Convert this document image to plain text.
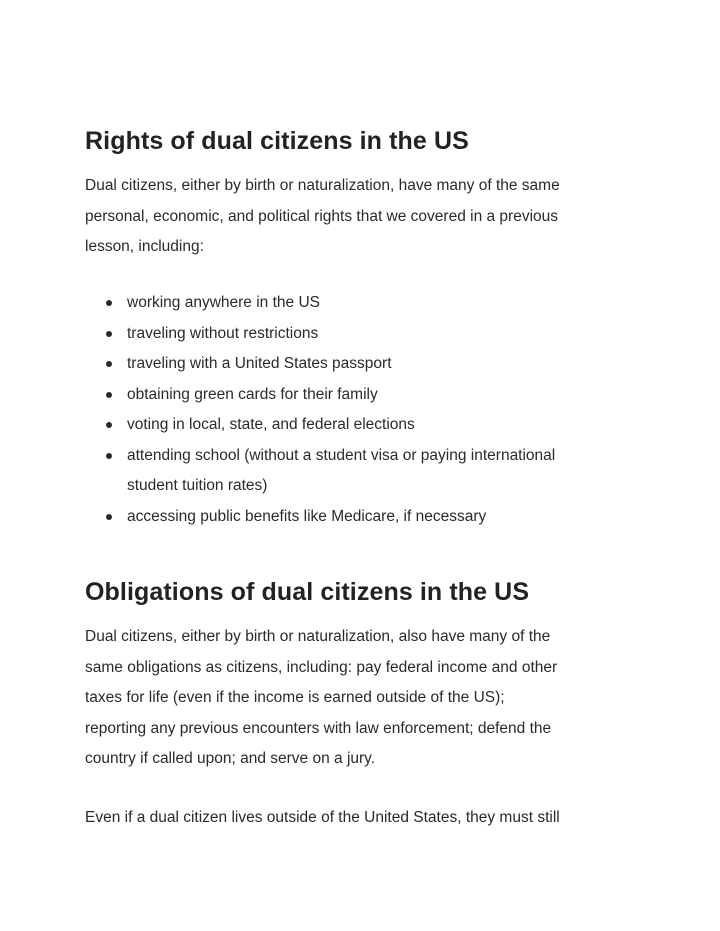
Rights of dual citizens in the US

Dual citizens, either by birth or naturalization, have many of the same
personal, economic, and political rights that we covered in a previous
lesson, including:

working anywhere in the US
traveling without restrictions
traveling with a United States passport
obtaining green cards for their family
voting in local, state, and federal elections
attending school (without a student visa or paying international
student tuition rates)
accessing public benefits like Medicare, if necessary
Obligations of dual citizens in the US

Dual citizens, either by birth or naturalization, also have many of the
same obligations as citizens, including: pay federal income and other
taxes for life (even if the income is earned outside of the US);
reporting any previous encounters with law enforcement; defend the
country if called upon; and serve on a jury.

Even if a dual citizen lives outside of the United States, they must still
